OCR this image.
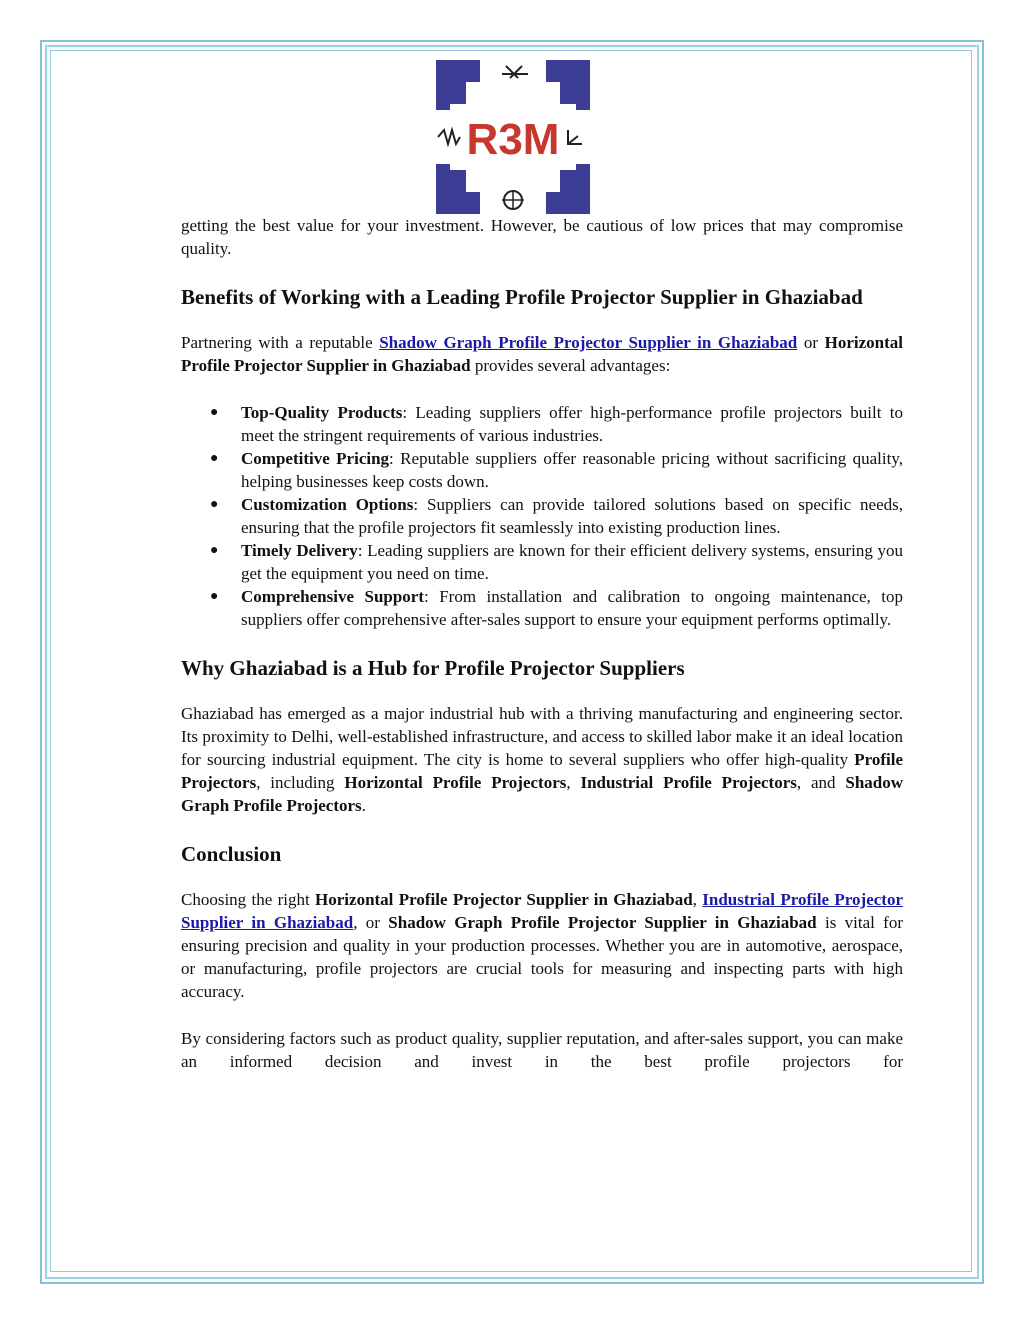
R3M

getting the best value for your investment. However, be cautious of low prices that may compromise quality.

Benefits of Working with a Leading Profile Projector Supplier in Ghaziabad

Partnering with a reputable Shadow Graph Profile Projector Supplier in Ghaziabad or Horizontal Profile Projector Supplier in Ghaziabad provides several advantages:

● Top-Quality Products: Leading suppliers offer high-performance profile projectors built to meet the stringent requirements of various industries.
● Competitive Pricing: Reputable suppliers offer reasonable pricing without sacrificing quality, helping businesses keep costs down.
● Customization Options: Suppliers can provide tailored solutions based on specific needs, ensuring that the profile projectors fit seamlessly into existing production lines.
● Timely Delivery: Leading suppliers are known for their efficient delivery systems, ensuring you get the equipment you need on time.
● Comprehensive Support: From installation and calibration to ongoing maintenance, top suppliers offer comprehensive after-sales support to ensure your equipment performs optimally.
Why Ghaziabad is a Hub for Profile Projector Suppliers

Ghaziabad has emerged as a major industrial hub with a thriving manufacturing and engineering sector. Its proximity to Delhi, well-established infrastructure, and access to skilled labor make it an ideal location for sourcing industrial equipment. The city is home to several suppliers who offer high-quality Profile Projectors, including Horizontal Profile Projectors, Industrial Profile Projectors, and Shadow Graph Profile Projectors.

Conclusion

Choosing the right Horizontal Profile Projector Supplier in Ghaziabad, Industrial Profile Projector Supplier in Ghaziabad, or Shadow Graph Profile Projector Supplier in Ghaziabad is vital for ensuring precision and quality in your production processes. Whether you are in automotive, aerospace, or manufacturing, profile projectors are crucial tools for measuring and inspecting parts with high accuracy.

By considering factors such as product quality, supplier reputation, and after-sales support, you can make an informed decision and invest in the best profile projectors for
